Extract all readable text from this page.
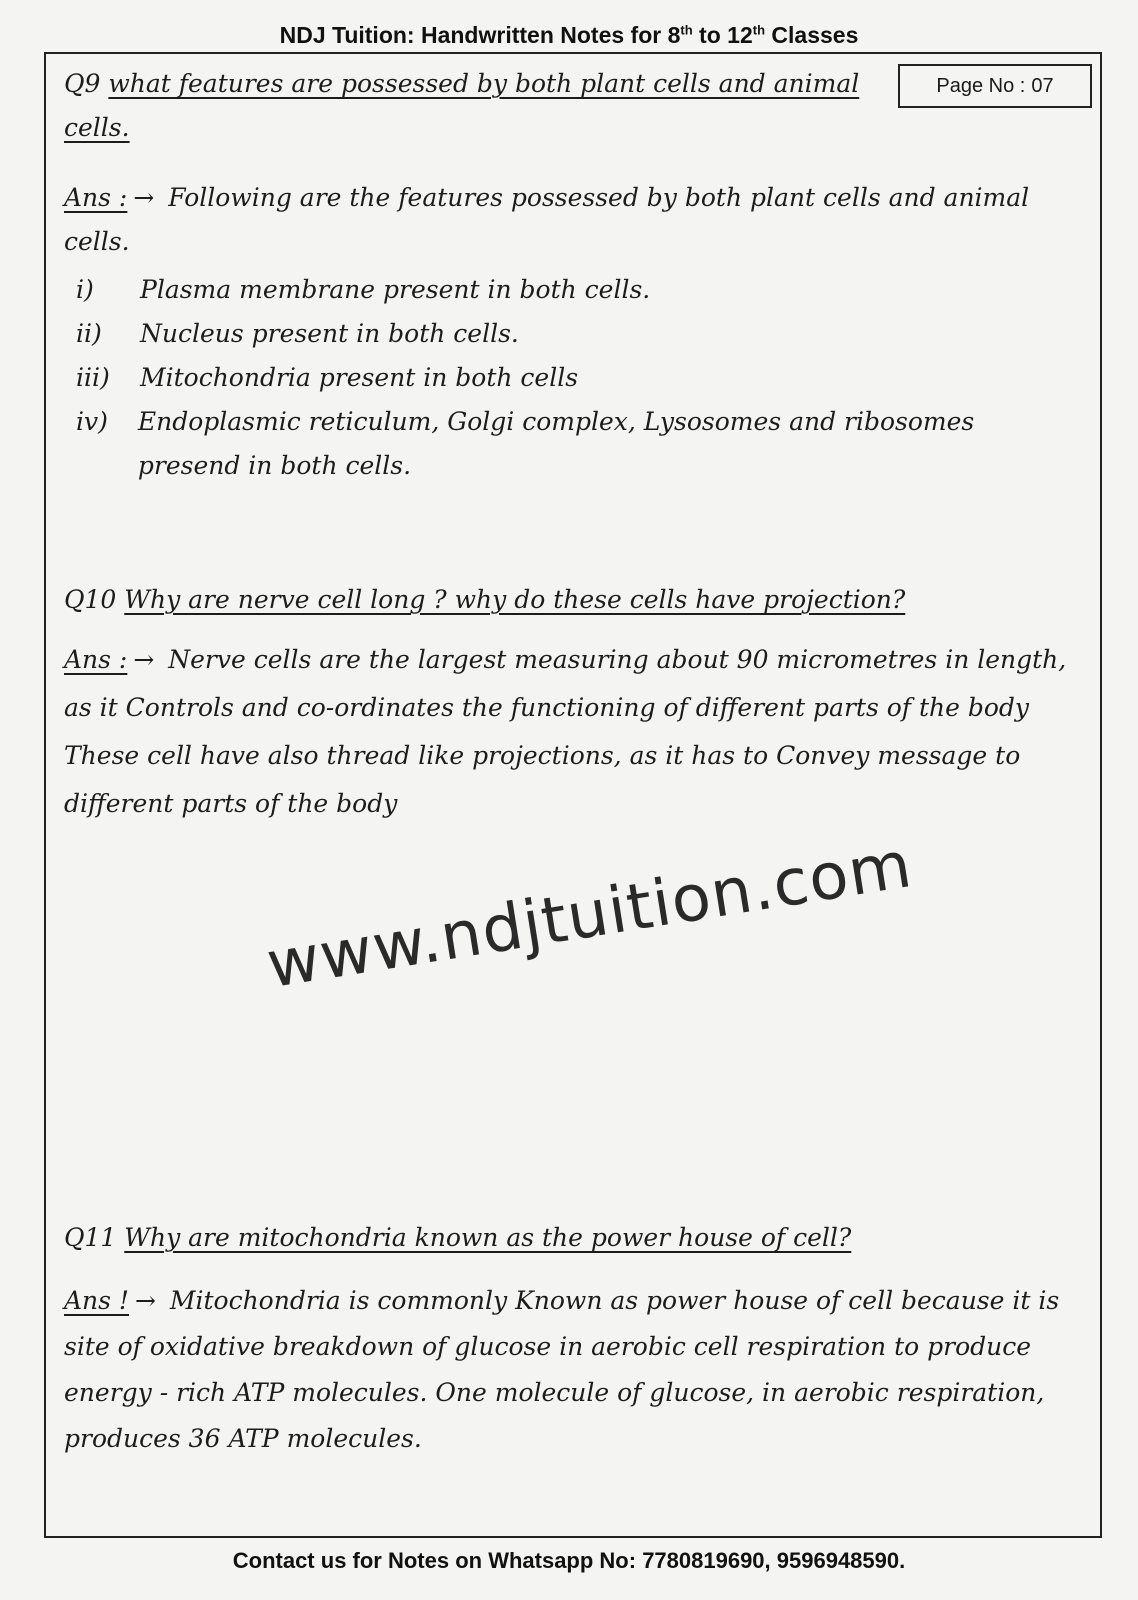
NDJ Tuition: Handwritten Notes for 8th to 12th Classes
Page No : 07
Q9 what features are possessed by both plant cells and animal cells.
Ans : → Following are the features possessed by both plant cells and animal cells.
i)	Plasma membrane present in both cells.
ii)	Nucleus present in both cells.
iii) Mitochondria present in both cells
iv) Endoplasmic reticulum, Golgi complex, Lysosomes and ribosomes presend in both cells.
Q10 Why are nerve cell long ? why do these cells have projection?
Ans : → Nerve cells are the largest measuring about 90 micrometres in length, as it Controls and co-ordinates the functioning of different parts of the body These cell have also thread like projections, as it has to Convey message to different parts of the body
www.ndjtuition.com
Q11 Why are mitochondria known as the power house of cell?
Ans ! → Mitochondria is commonly Known as power house of cell because it is site of oxidative breakdown of glucose in aerobic cell respiration to produce energy - rich ATP molecules. One molecule of glucose, in aerobic respiration, produces 36 ATP molecules.
Contact us for Notes on Whatsapp No: 7780819690, 9596948590.
